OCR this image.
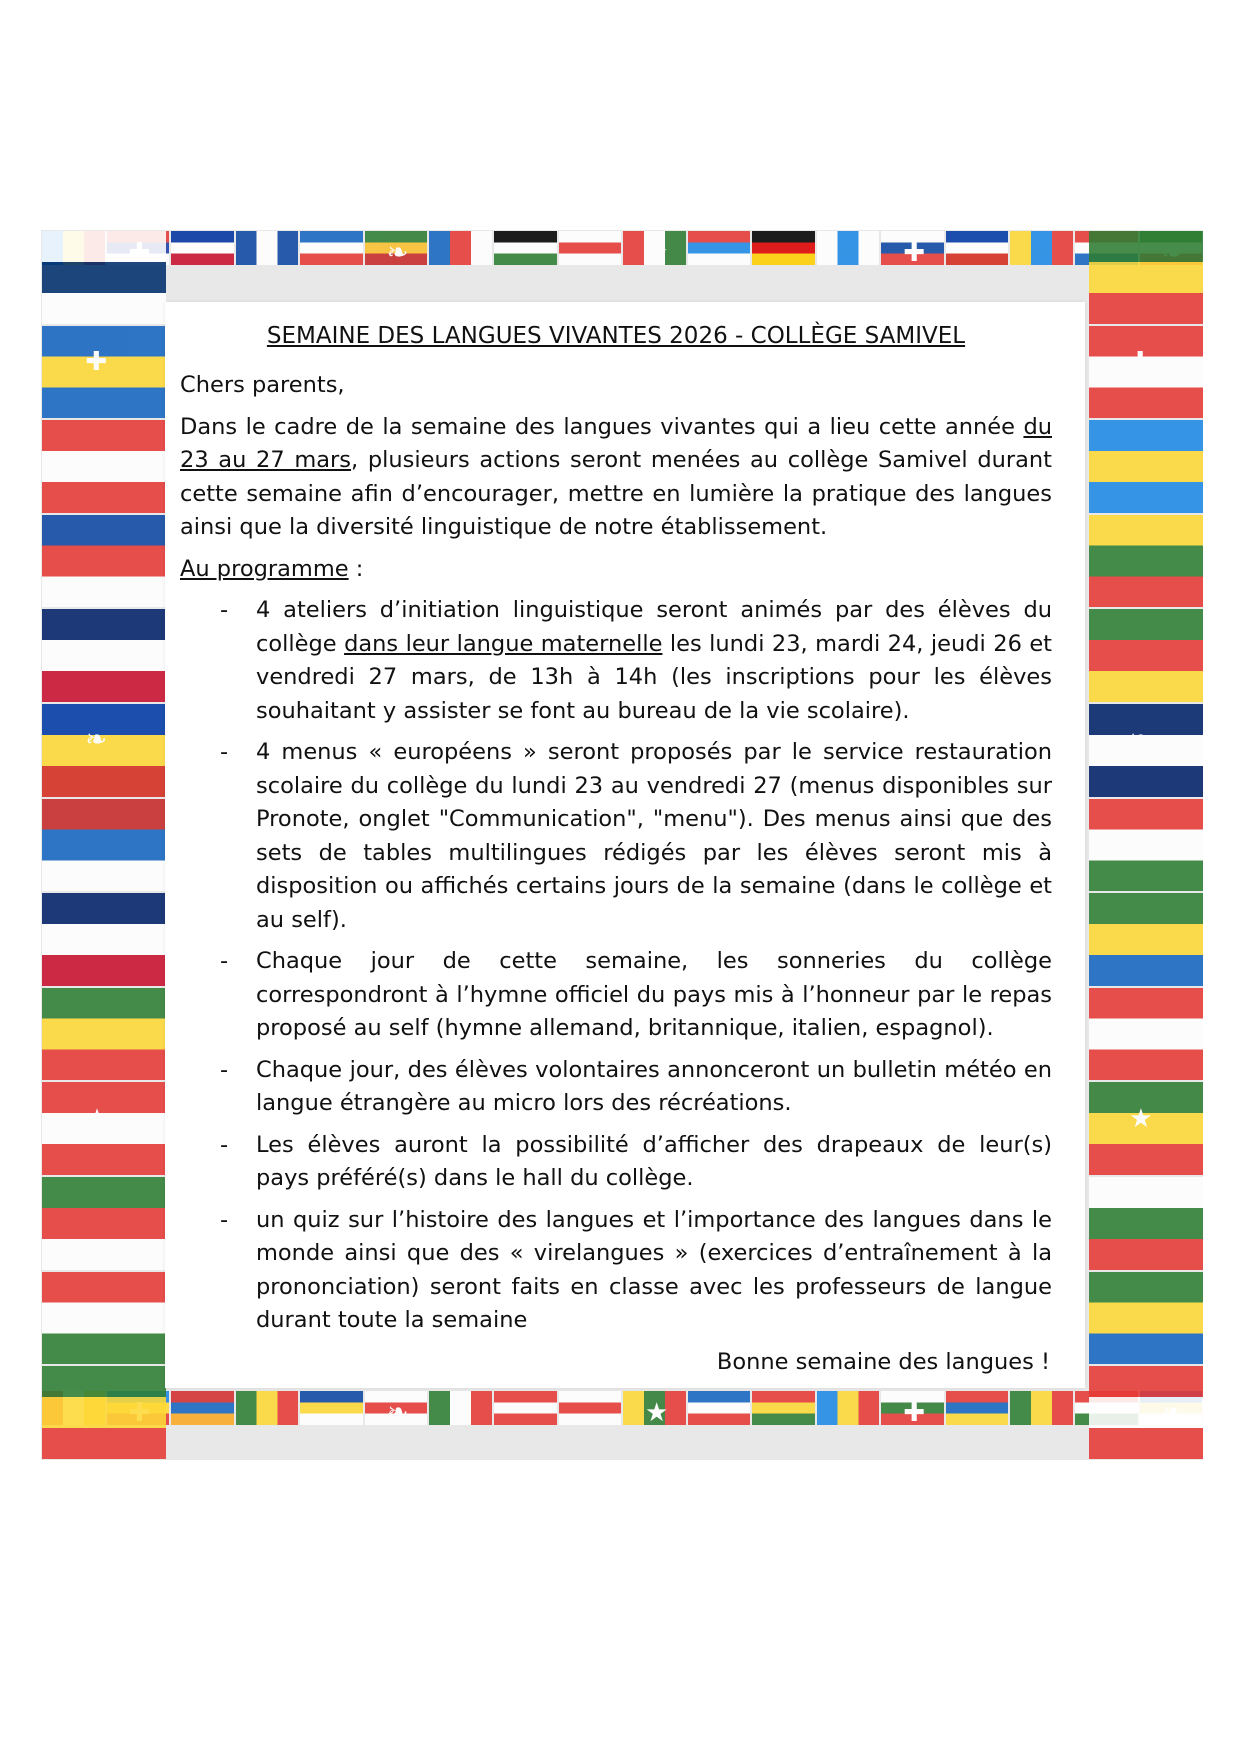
❧	★	✚
❧	★	✚
✚
❧
★
✚
❧
★
SEMAINE DES LANGUES VIVANTES 2026 - COLLÈGE SAMIVEL

Chers parents,

Dans le cadre de la semaine des langues vivantes qui a lieu cette année du 23 au 27 mars, plusieurs actions seront menées au collège Samivel durant cette semaine afin d’encourager, mettre en lumière la pratique des langues ainsi que la diversité linguistique de notre établissement.

Au programme :

- 4 ateliers d’initiation linguistique seront animés par des élèves du collège dans leur langue maternelle les lundi 23, mardi 24, jeudi 26 et vendredi 27 mars, de 13h à 14h (les inscriptions pour les élèves souhaitant y assister se font au bureau de la vie scolaire).
- 4 menus « européens » seront proposés par le service restauration scolaire du collège du lundi 23 au vendredi 27 (menus disponibles sur Pronote, onglet "Communication", "menu"). Des menus ainsi que des sets de tables multilingues rédigés par les élèves seront mis à disposition ou affichés certains jours de la semaine (dans le collège et au self).
- Chaque jour de cette semaine, les sonneries du collège correspondront à l’hymne officiel du pays mis à l’honneur par le repas proposé au self (hymne allemand, britannique, italien, espagnol).
- Chaque jour, des élèves volontaires annonceront un bulletin météo en langue étrangère au micro lors des récréations.
- Les élèves auront la possibilité d’afficher des drapeaux de leur(s) pays préféré(s) dans le hall du collège.
- un quiz sur l’histoire des langues et l’importance des langues dans le monde ainsi que des « virelangues » (exercices d’entraînement à la prononciation) seront faits en classe avec les professeurs de langue durant toute la semaine

Bonne semaine des langues !
